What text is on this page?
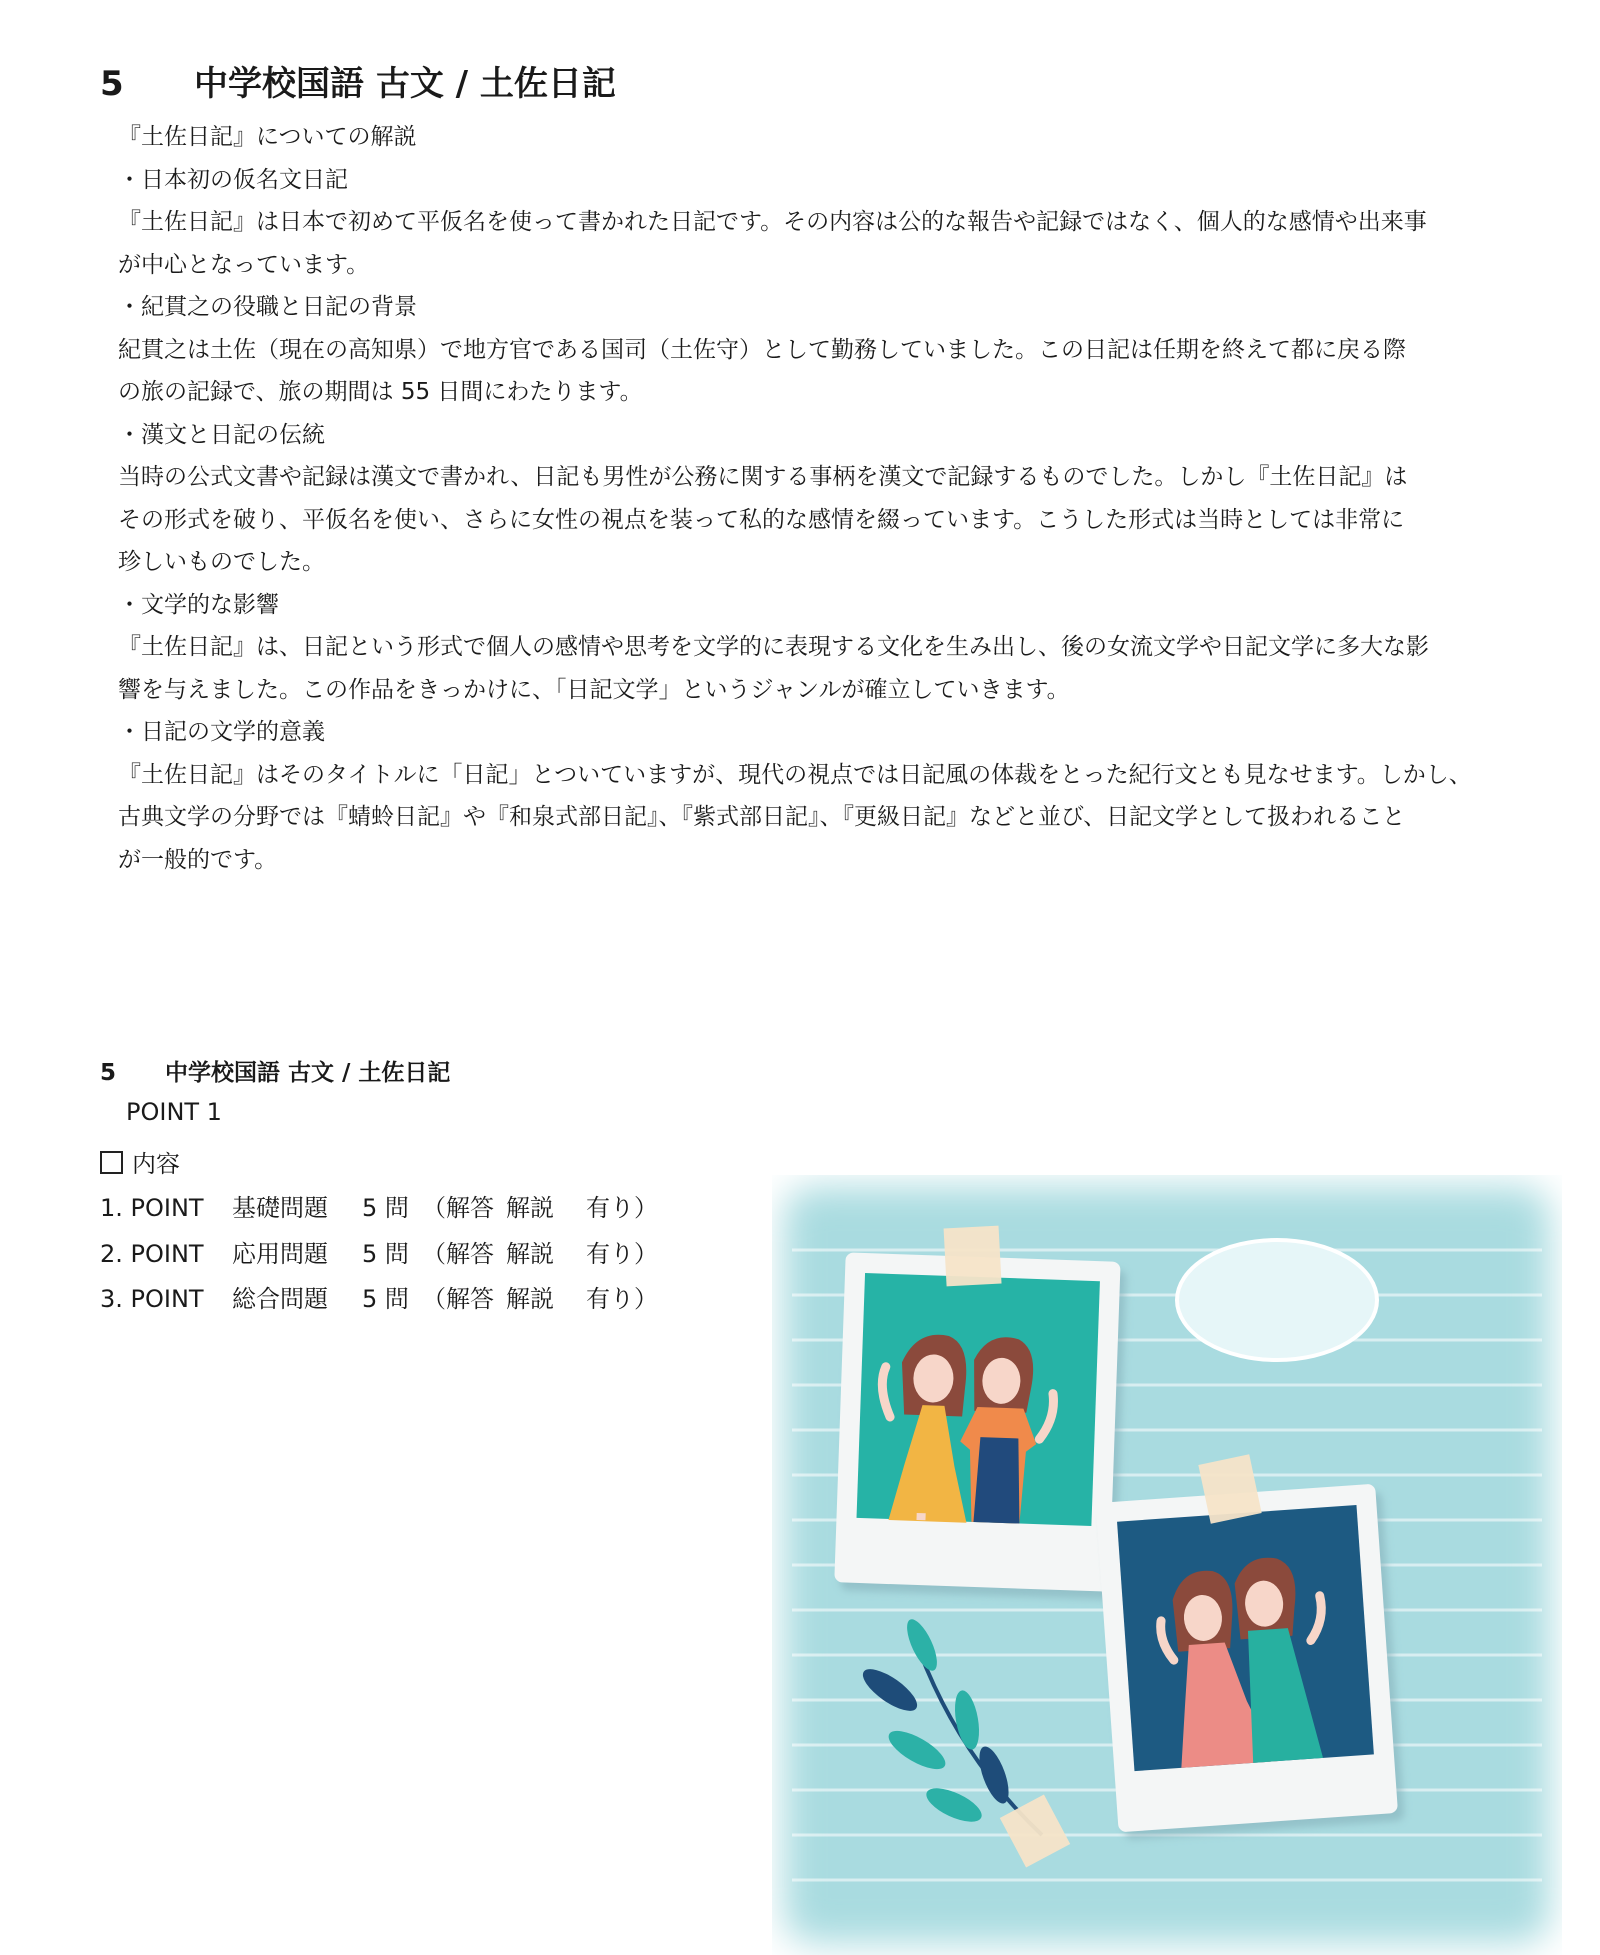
5 中学校国語 古文 / 土佐日記

『土佐日記』についての解説

・日本初の仮名文日記

『土佐日記』は日本で初めて平仮名を使って書かれた日記です。その内容は公的な報告や記録ではなく、個人的な感情や出来事

が中心となっています。

・紀貫之の役職と日記の背景

紀貫之は土佐（現在の高知県）で地方官である国司（土佐守）として勤務していました。この日記は任期を終えて都に戻る際

の旅の記録で、旅の期間は 55 日間にわたります。

・漢文と日記の伝統

当時の公式文書や記録は漢文で書かれ、日記も男性が公務に関する事柄を漢文で記録するものでした。しかし『土佐日記』は

その形式を破り、平仮名を使い、さらに女性の視点を装って私的な感情を綴っています。こうした形式は当時としては非常に

珍しいものでした。

・文学的な影響

『土佐日記』は、日記という形式で個人の感情や思考を文学的に表現する文化を生み出し、後の女流文学や日記文学に多大な影

響を与えました。この作品をきっかけに、「日記文学」というジャンルが確立していきます。

・日記の文学的意義

『土佐日記』はそのタイトルに「日記」とついていますが、現代の視点では日記風の体裁をとった紀行文とも見なせます。しかし、

古典文学の分野では『蜻蛉日記』や『和泉式部日記』、『紫式部日記』、『更級日記』などと並び、日記文学として扱われること

が一般的です。

5 中学校国語 古文 / 土佐日記
POINT 1
内容
1. POINT 基礎問題 5 問 （解答 解説 有り）
2. POINT 応用問題 5 問 （解答 解説 有り）
3. POINT 総合問題 5 問 （解答 解説 有り）
